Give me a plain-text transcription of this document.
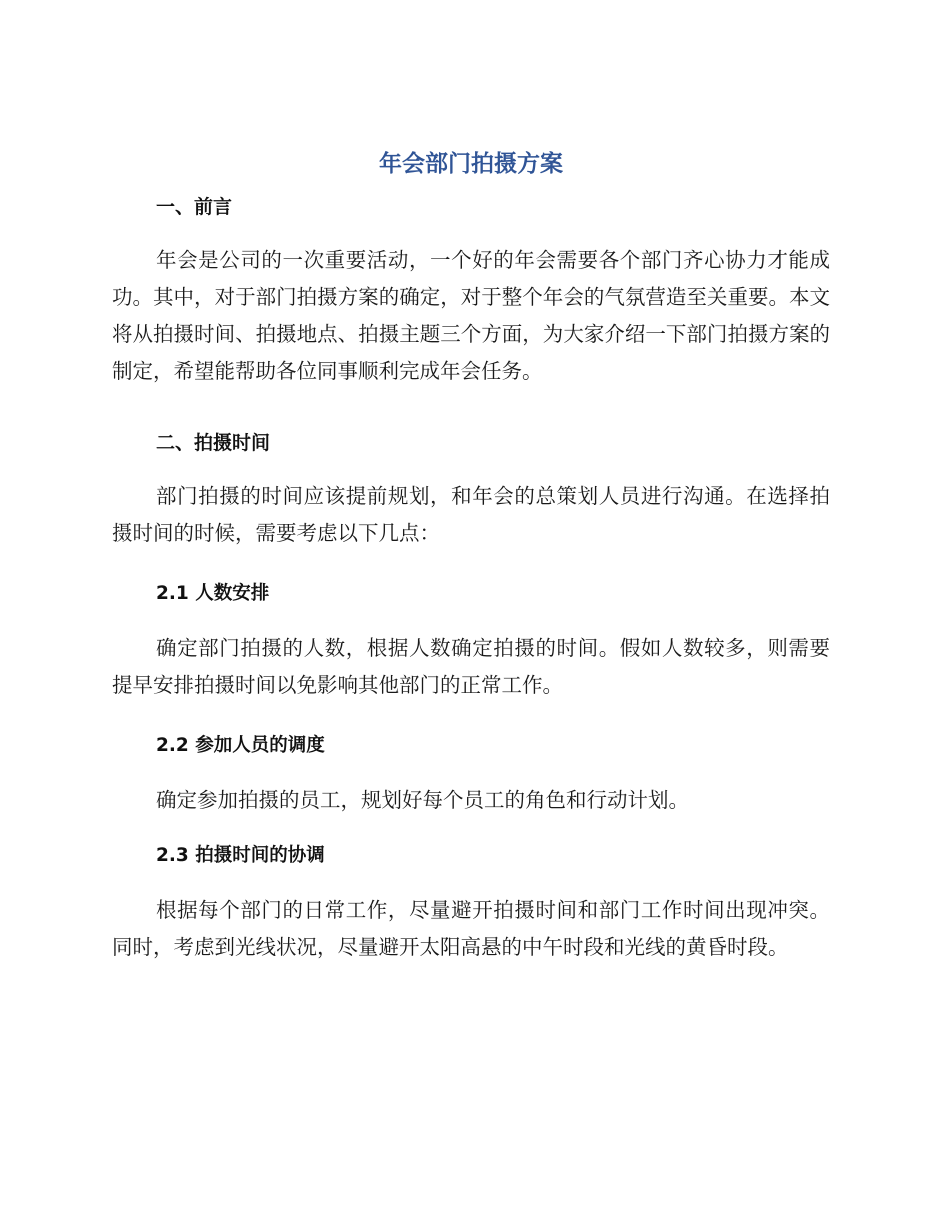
年会部门拍摄方案
一、前言

年会是公司的一次重要活动，一个好的年会需要各个部门齐心协力才能成功。其中，对于部门拍摄方案的确定，对于整个年会的气氛营造至关重要。本文将从拍摄时间、拍摄地点、拍摄主题三个方面，为大家介绍一下部门拍摄方案的制定，希望能帮助各位同事顺利完成年会任务。

二、拍摄时间

部门拍摄的时间应该提前规划，和年会的总策划人员进行沟通。在选择拍摄时间的时候，需要考虑以下几点：

2.1 人数安排

确定部门拍摄的人数，根据人数确定拍摄的时间。假如人数较多，则需要提早安排拍摄时间以免影响其他部门的正常工作。

2.2 参加人员的调度

确定参加拍摄的员工，规划好每个员工的角色和行动计划。

2.3 拍摄时间的协调

根据每个部门的日常工作，尽量避开拍摄时间和部门工作时间出现冲突。同时，考虑到光线状况，尽量避开太阳高悬的中午时段和光线的黄昏时段。
